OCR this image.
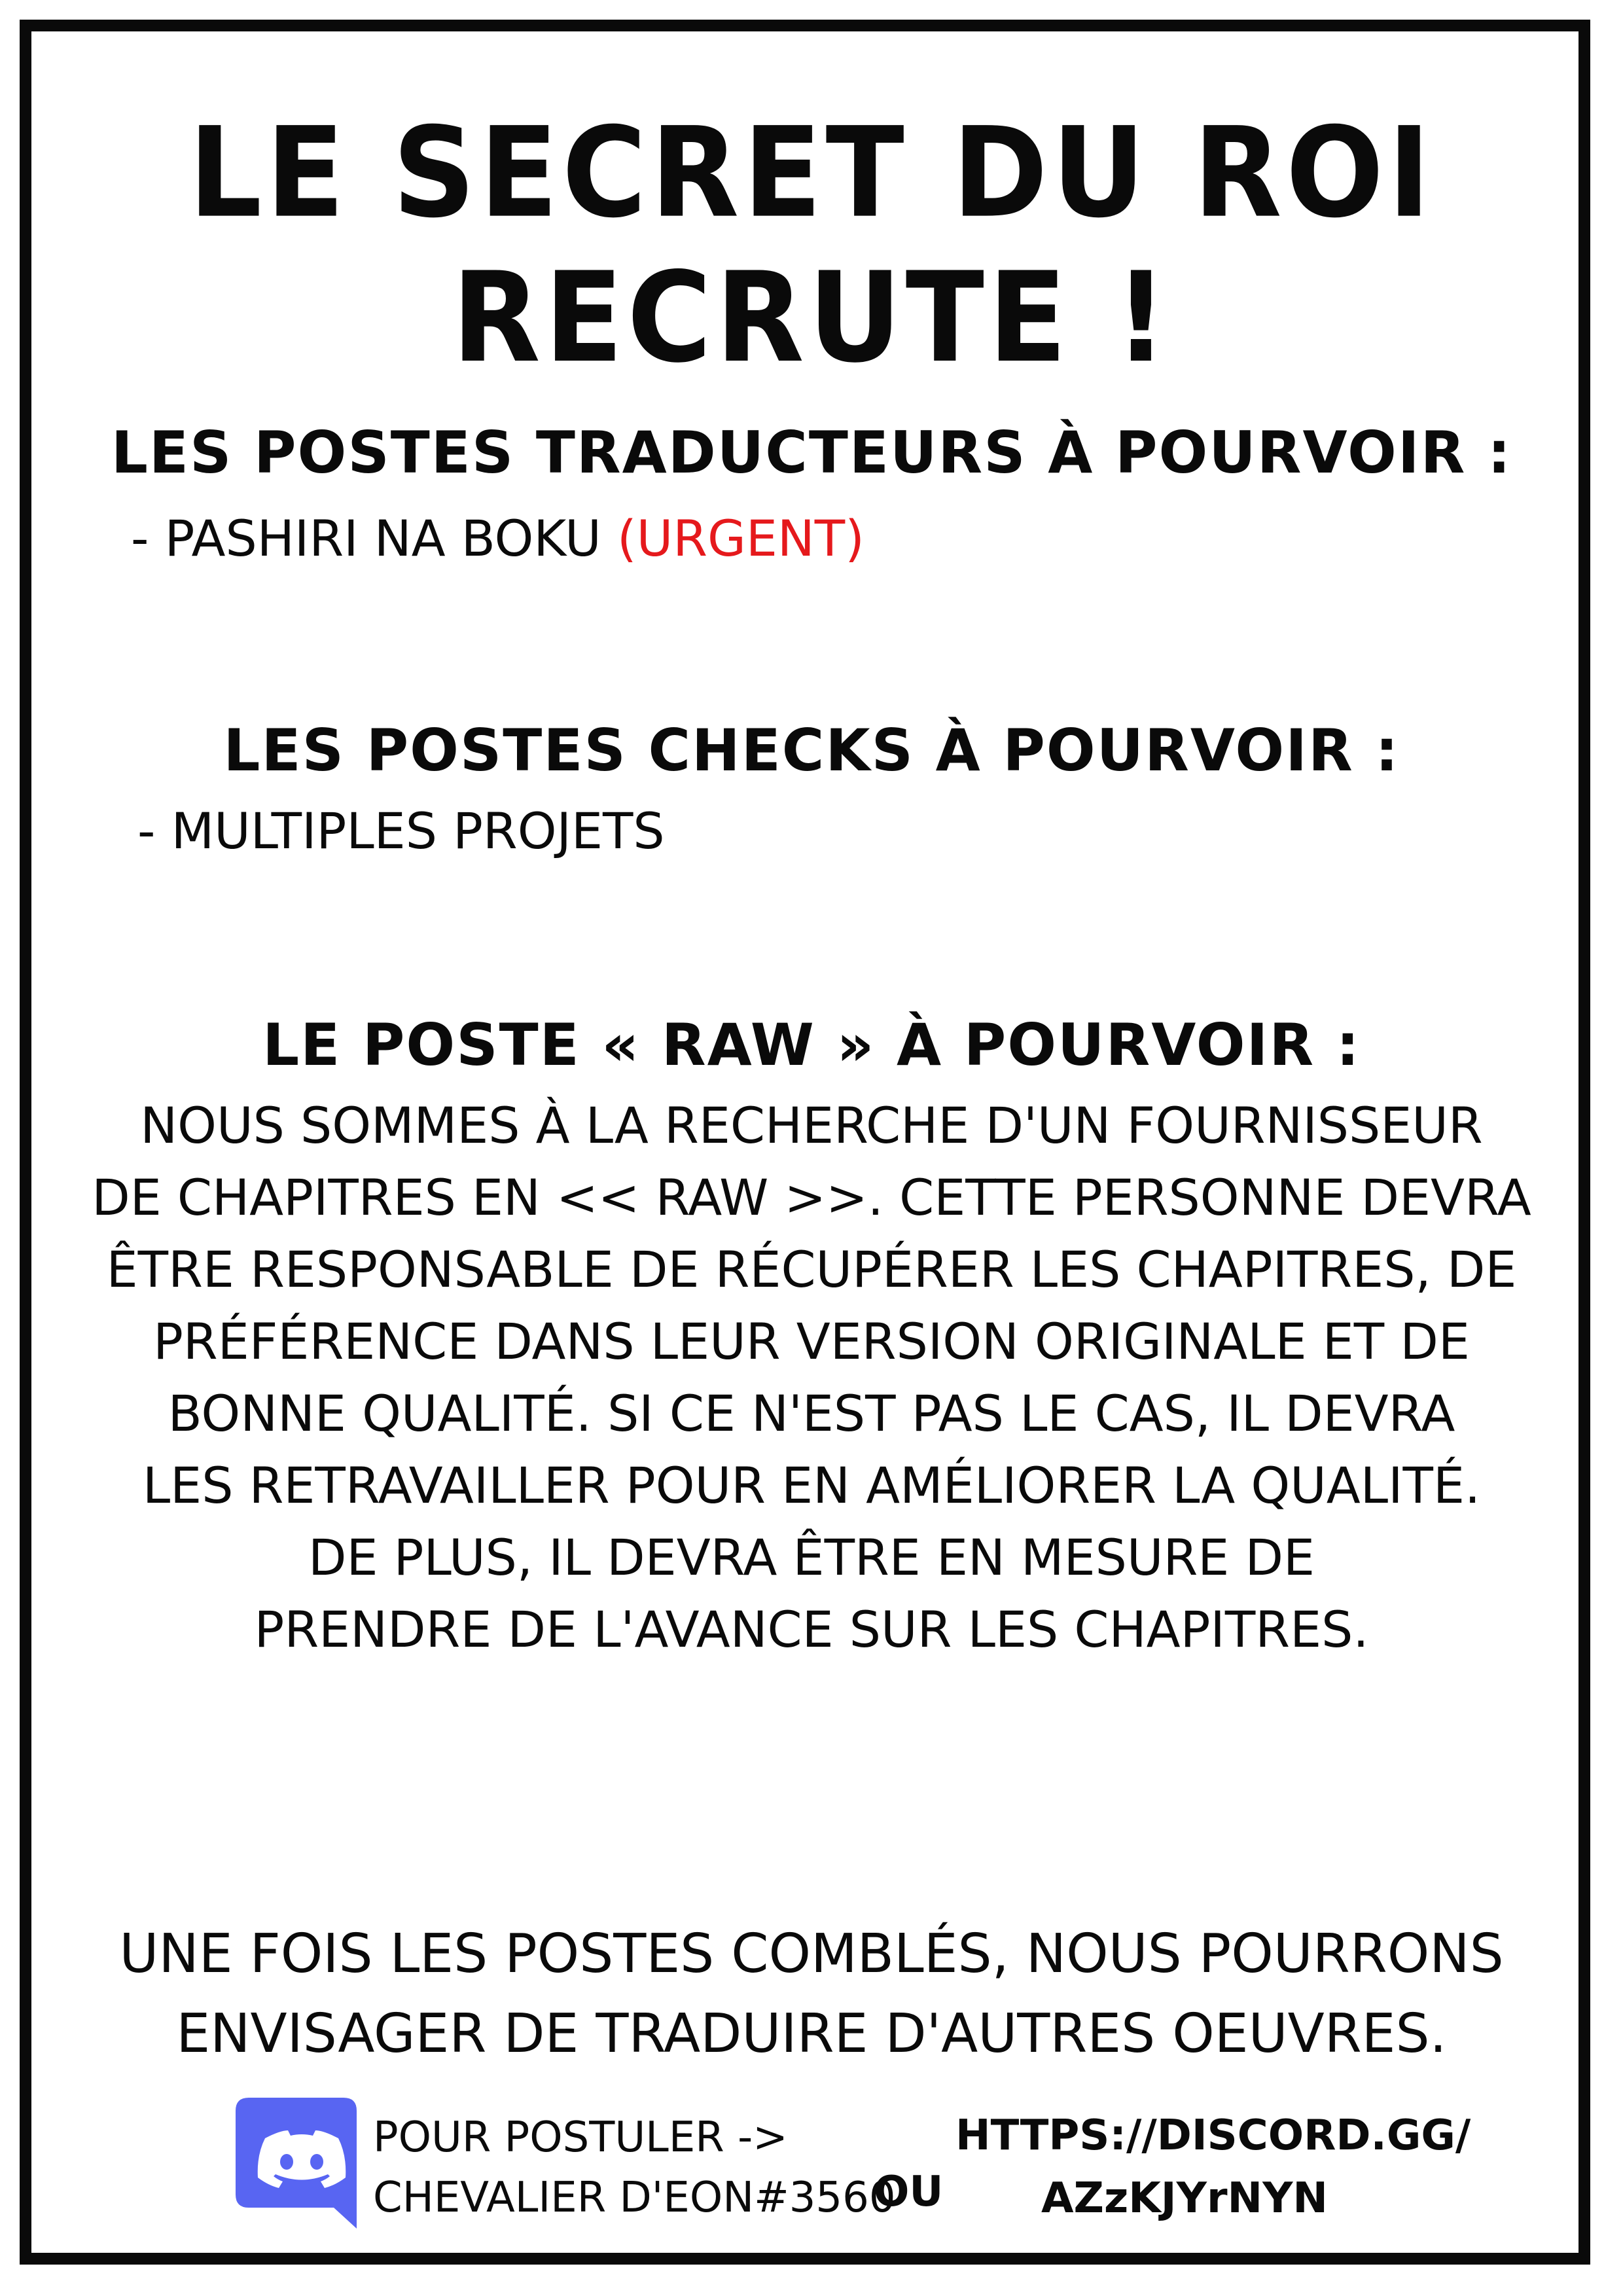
LE SECRET DU ROI RECRUTE !
LES POSTES TRADUCTEURS À POURVOIR :
- PASHIRI NA BOKU (URGENT)
LES POSTES CHECKS À POURVOIR :
- MULTIPLES PROJETS
LE POSTE « RAW » À POURVOIR :
NOUS SOMMES À LA RECHERCHE D'UN FOURNISSEUR
DE CHAPITRES EN << RAW >>. CETTE PERSONNE DEVRA
ÊTRE RESPONSABLE DE RÉCUPÉRER LES CHAPITRES, DE
PRÉFÉRENCE DANS LEUR VERSION ORIGINALE ET DE
BONNE QUALITÉ. SI CE N'EST PAS LE CAS, IL DEVRA
LES RETRAVAILLER POUR EN AMÉLIORER LA QUALITÉ.
DE PLUS, IL DEVRA ÊTRE EN MESURE DE
PRENDRE DE L'AVANCE SUR LES CHAPITRES.
UNE FOIS LES POSTES COMBLÉS, NOUS POURRONS
ENVISAGER DE TRADUIRE D'AUTRES OEUVRES.
POUR POSTULER ->
CHEVALIER D'EON#3560
OU
HTTPS://DISCORD.GG/
AZzKJYrNYN
